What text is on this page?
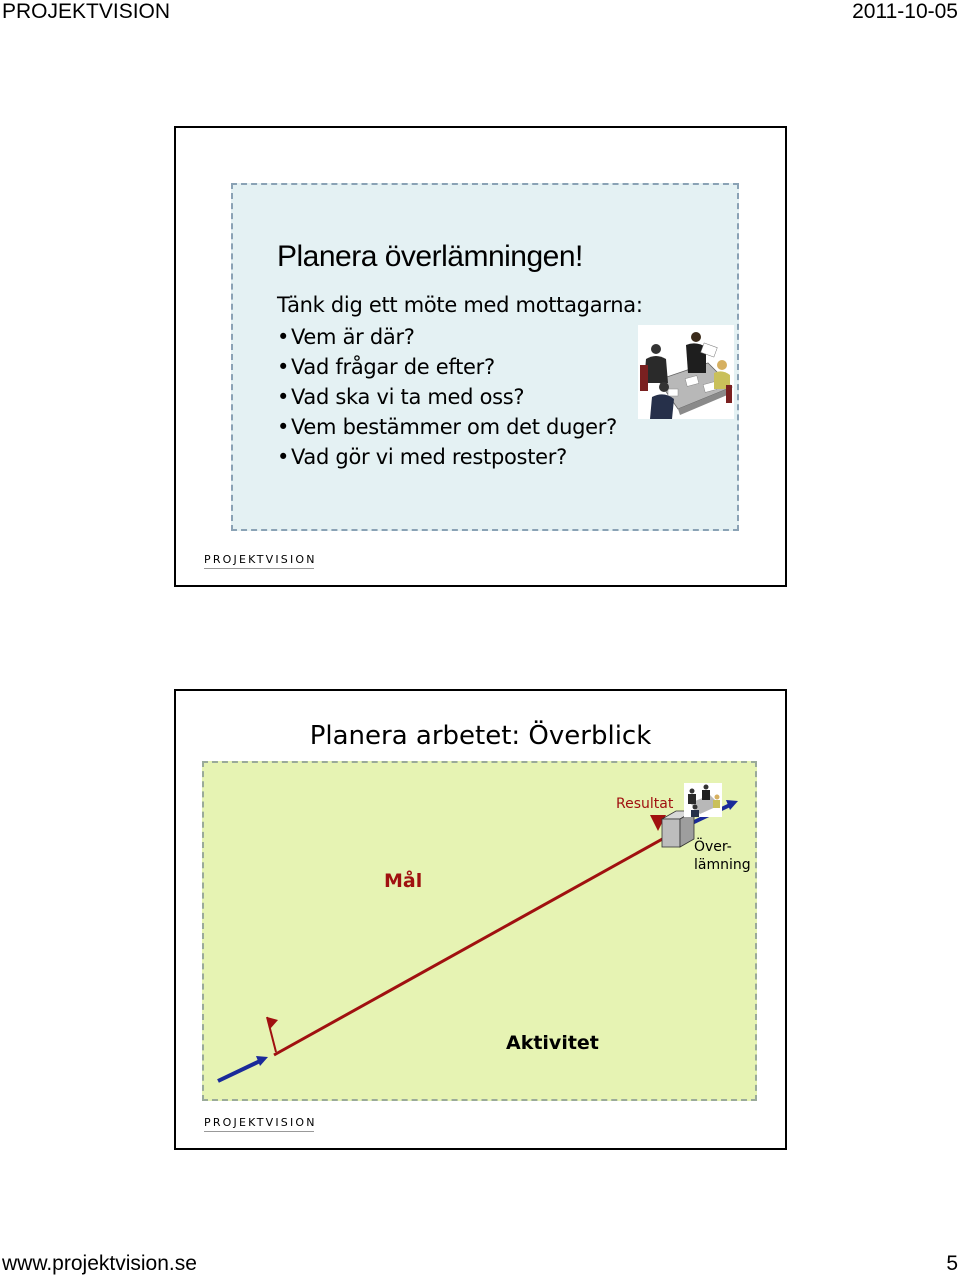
PROJEKTVISION	2011-10-05
Planera överlämningen!
Tänk dig ett möte med mottagarna:
•Vem är där?
•Vad frågar de efter?
•Vad ska vi ta med oss?
•Vem bestämmer om det duger?
•Vad gör vi med restposter?
PROJEKTVISION
Planera arbetet: Överblick
Mål
Resultat
Över-
lämning
Aktivitet
PROJEKTVISION
www.projektvision.se	5
